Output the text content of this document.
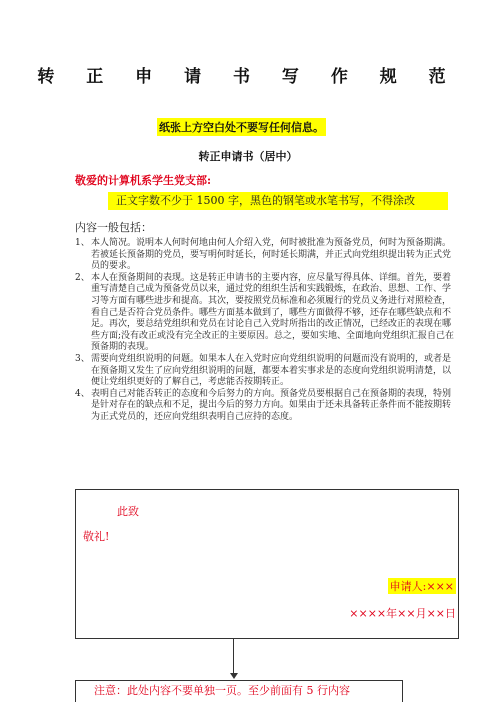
转 正 申 请 书 写 作 规 范
纸张上方空白处不要写任何信息。
转正申请书（居中）
敬爱的计算机系学生党支部:
正文字数不少于 1500 字，黑色的钢笔或水笔书写，不得涂改
内容一般包括：
1、 本人简况。说明本人何时何地由何人介绍入党，何时被批准为预备党员，何时为预备期满。若被延长预备期的党员，要写明何时延长，何时延长期满，并正式向党组织提出转为正式党员的要求。
2、 本人在预备期间的表现。这是转正申请书的主要内容，应尽量写得具体、详细。首先，要着重写清楚自己成为预备党员以来，通过党的组织生活和实践锻炼，在政治、思想、工作、学习等方面有哪些进步和提高。其次，要按照党员标准和必须履行的党员义务进行对照检查，看自己是否符合党员条件。哪些方面基本做到了，哪些方面做得不够，还存在哪些缺点和不足。再次，要总结党组织和党员在讨论自己入党时所指出的改正情况，已经改正的表现在哪些方面;没有改正或没有完全改正的主要原因。总之，要如实地、全面地向党组织汇报自己在预备期的表现。
3、 需要向党组织说明的问题。如果本人在入党时应向党组织说明的问题而没有说明的，或者是在预备期又发生了应向党组织说明的问题，都要本着实事求是的态度向党组织说明清楚，以便让党组织更好的了解自己，考虑能否按期转正。
4、 表明自己对能否转正的态度和今后努力的方向。预备党员要根据自己在预备期的表现，特别是针对存在的缺点和不足，提出今后的努力方向。如果由于还未具备转正条件而不能按期转为正式党员的，还应向党组织表明自己应持的态度。
此致
敬礼!
申请人:×××
××××年××月××日
注意：此处内容不要单独一页。至少前面有 5 行内容
